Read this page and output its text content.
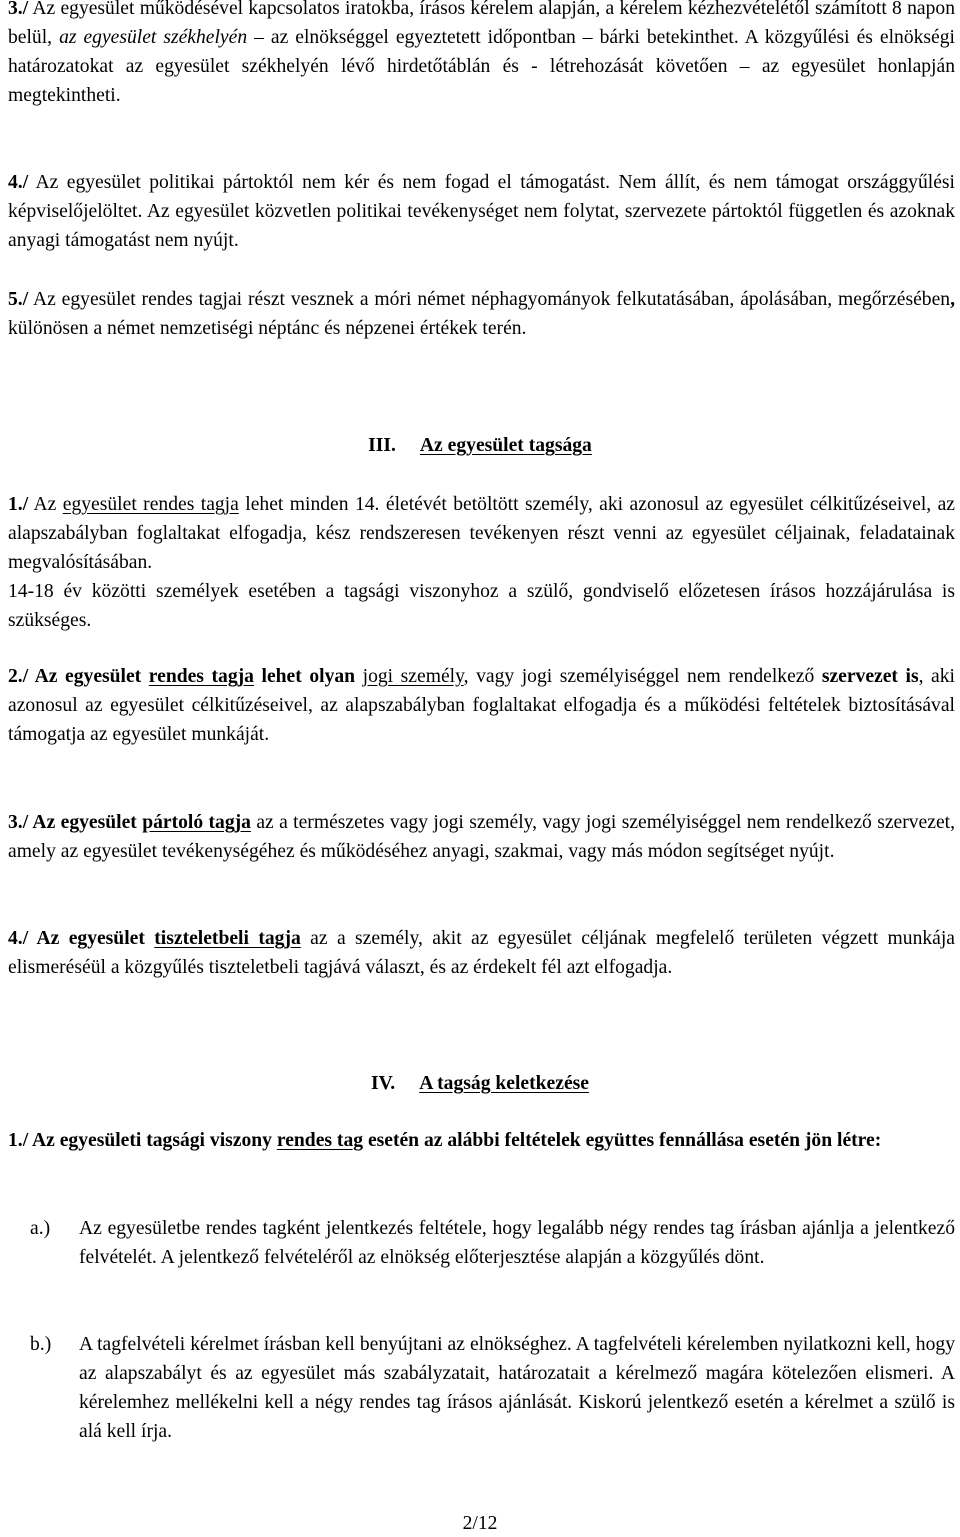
3./ Az egyesület működésével kapcsolatos iratokba, írásos kérelem alapján, a kérelem kézhezvételétől számított 8 napon belül, az egyesület székhelyén – az elnökséggel egyeztetett időpontban – bárki betekinthet. A közgyűlési és elnökségi határozatokat az egyesület székhelyén lévő hirdetőtáblán és - létrehozását követően – az egyesület honlapján megtekintheti.

4./ Az egyesület politikai pártoktól nem kér és nem fogad el támogatást. Nem állít, és nem támogat országgyűlési képviselőjelöltet. Az egyesület közvetlen politikai tevékenységet nem folytat, szervezete pártoktól független és azoknak anyagi támogatást nem nyújt.

5./ Az egyesület rendes tagjai részt vesznek a móri német néphagyományok felkutatásában, ápolásában, megőrzésében, különösen a német nemzetiségi néptánc és népzenei értékek terén.

III. Az egyesület tagsága
1./ Az egyesület rendes tagja lehet minden 14. életévét betöltött személy, aki azonosul az egyesület célkitűzéseivel, az alapszabályban foglaltakat elfogadja, kész rendszeresen tevékenyen részt venni az egyesület céljainak, feladatainak megvalósításában.
14-18 év közötti személyek esetében a tagsági viszonyhoz a szülő, gondviselő előzetesen írásos hozzájárulása is szükséges.

2./ Az egyesület rendes tagja lehet olyan jogi személy, vagy jogi személyiséggel nem rendelkező szervezet is, aki azonosul az egyesület célkitűzéseivel, az alapszabályban foglaltakat elfogadja és a működési feltételek biztosításával támogatja az egyesület munkáját.

3./ Az egyesület pártoló tagja az a természetes vagy jogi személy, vagy jogi személyiséggel nem rendelkező szervezet, amely az egyesület tevékenységéhez és működéséhez anyagi, szakmai, vagy más módon segítséget nyújt.

4./ Az egyesület tiszteletbeli tagja az a személy, akit az egyesület céljának megfelelő területen végzett munkája elismeréséül a közgyűlés tiszteletbeli tagjává választ, és az érdekelt fél azt elfogadja.

IV. A tagság keletkezése

1./ Az egyesületi tagsági viszony rendes tag esetén az alábbi feltételek együttes fennállása esetén jön létre:

a.) Az egyesületbe rendes tagként jelentkezés feltétele, hogy legalább négy rendes tag írásban ajánlja a jelentkező felvételét. A jelentkező felvételéről az elnökség előterjesztése alapján a közgyűlés dönt.
b.) A tagfelvételi kérelmet írásban kell benyújtani az elnökséghez. A tagfelvételi kérelemben nyilatkozni kell, hogy az alapszabályt és az egyesület más szabályzatait, határozatait a kérelmező magára kötelezően elismeri. A kérelemhez mellékelni kell a négy rendes tag írásos ajánlását. Kiskorú jelentkező esetén a kérelmet a szülő is alá kell írja.
2/12
